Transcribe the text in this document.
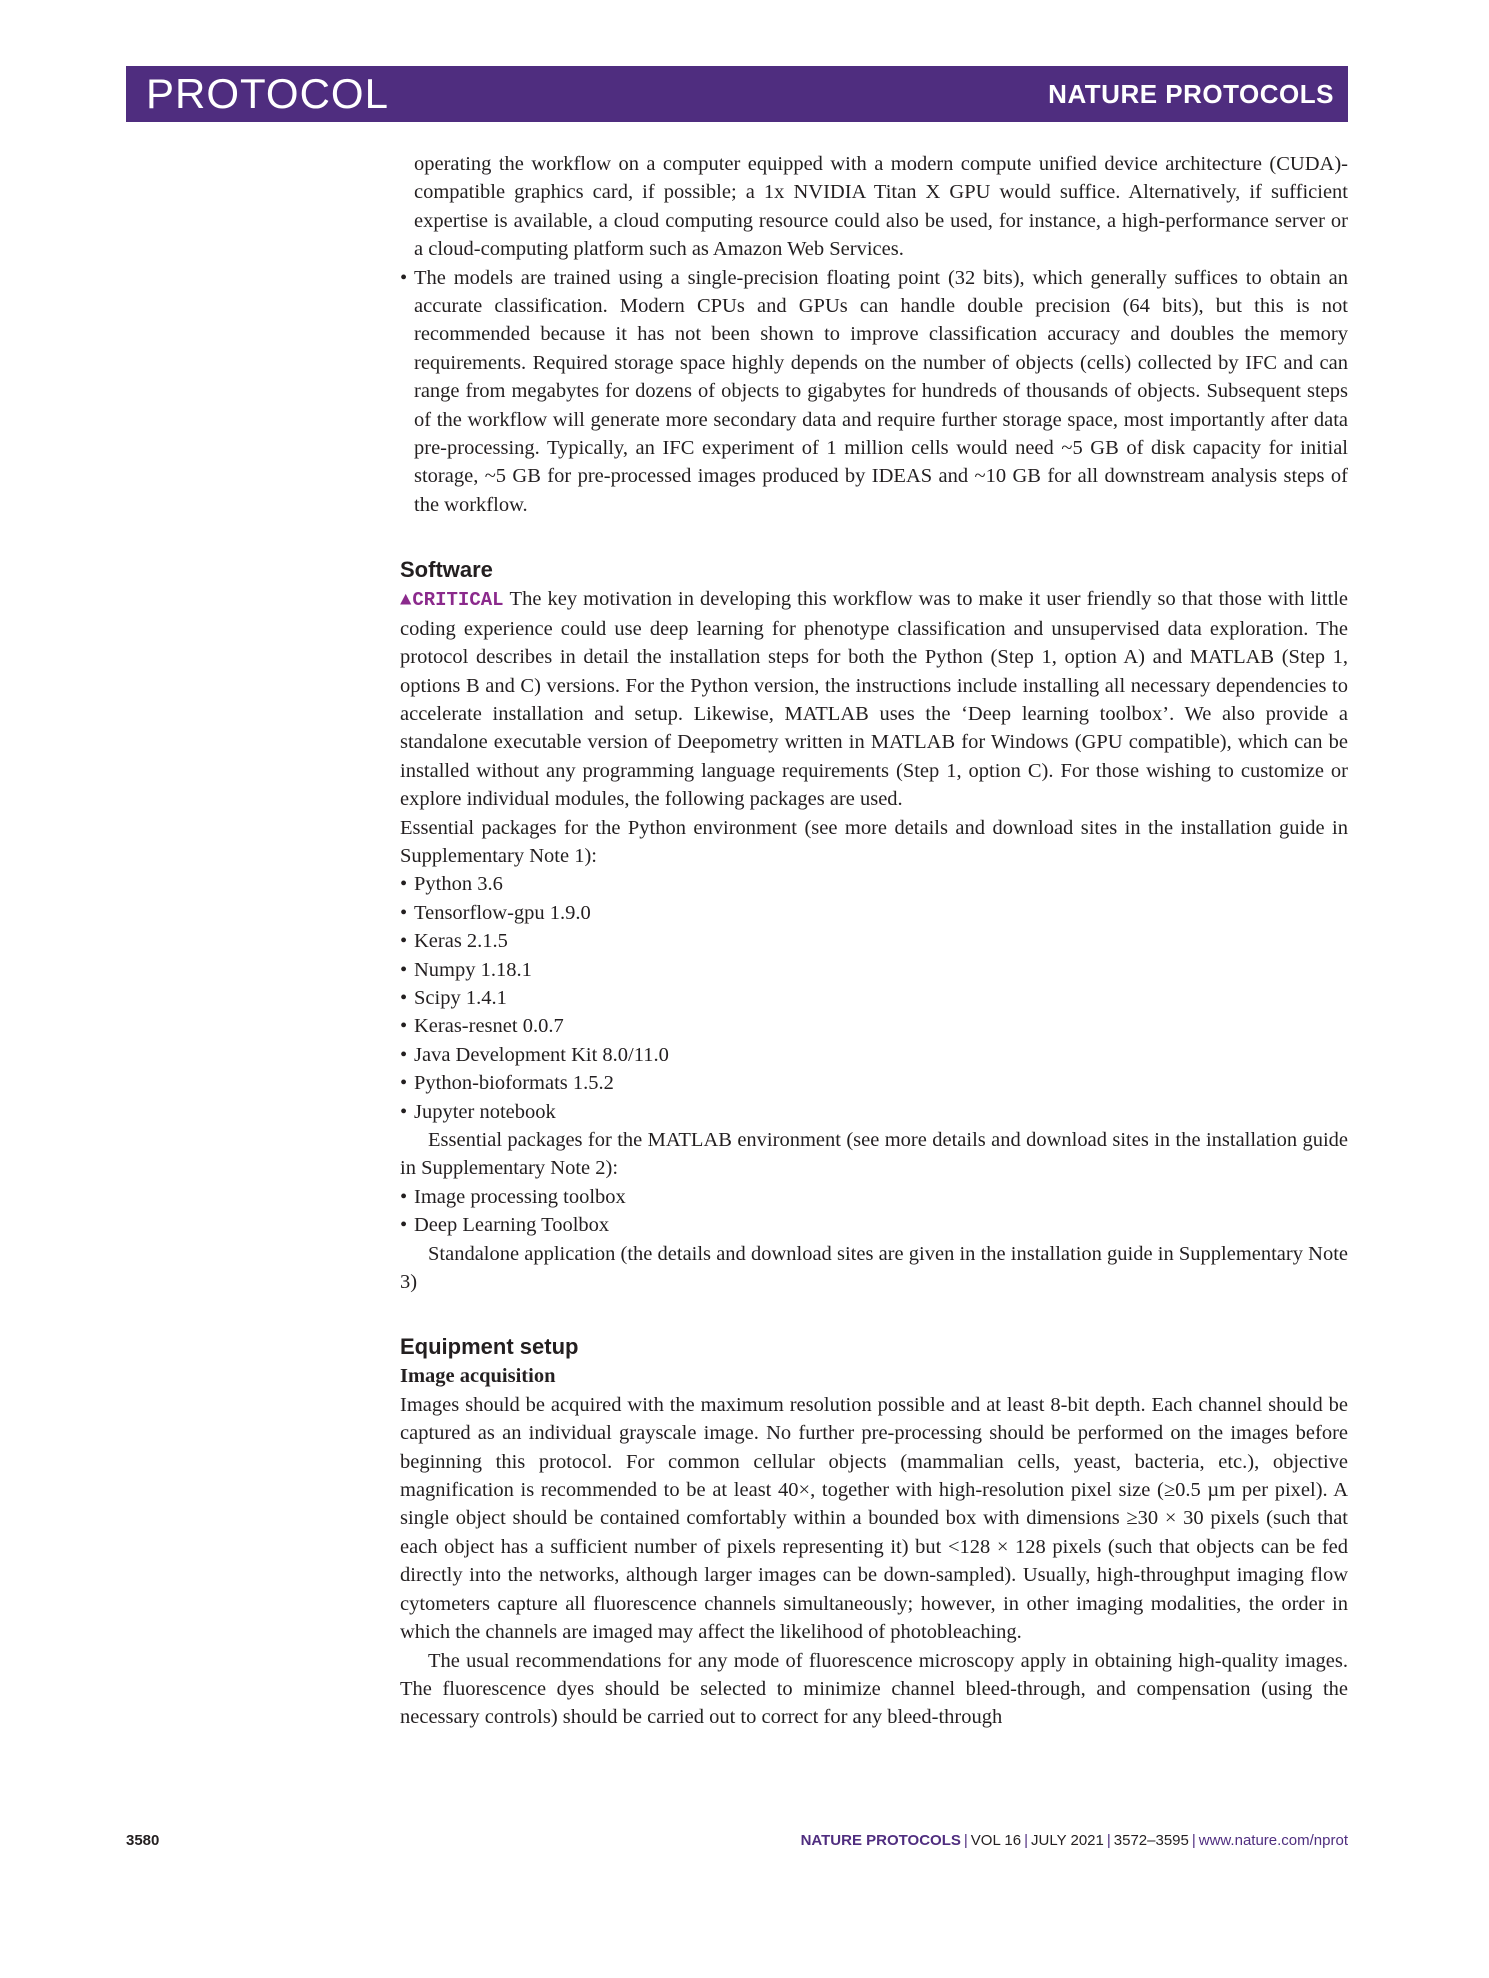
PROTOCOL	NATURE PROTOCOLS

operating the workflow on a computer equipped with a modern compute unified device architecture (CUDA)-compatible graphics card, if possible; a 1x NVIDIA Titan X GPU would suffice. Alternatively, if sufficient expertise is available, a cloud computing resource could also be used, for instance, a high-performance server or a cloud-computing platform such as Amazon Web Services.

• The models are trained using a single-precision floating point (32 bits), which generally suffices to obtain an accurate classification. Modern CPUs and GPUs can handle double precision (64 bits), but this is not recommended because it has not been shown to improve classification accuracy and doubles the memory requirements. Required storage space highly depends on the number of objects (cells) collected by IFC and can range from megabytes for dozens of objects to gigabytes for hundreds of thousands of objects. Subsequent steps of the workflow will generate more secondary data and require further storage space, most importantly after data pre-processing. Typically, an IFC experiment of 1 million cells would need ~5 GB of disk capacity for initial storage, ~5 GB for pre-processed images produced by IDEAS and ~10 GB for all downstream analysis steps of the workflow.
Software

▲CRITICAL The key motivation in developing this workflow was to make it user friendly so that those with little coding experience could use deep learning for phenotype classification and unsupervised data exploration. The protocol describes in detail the installation steps for both the Python (Step 1, option A) and MATLAB (Step 1, options B and C) versions. For the Python version, the instructions include installing all necessary dependencies to accelerate installation and setup. Likewise, MATLAB uses the ‘Deep learning toolbox’. We also provide a standalone executable version of Deepometry written in MATLAB for Windows (GPU compatible), which can be installed without any programming language requirements (Step 1, option C). For those wishing to customize or explore individual modules, the following packages are used.

Essential packages for the Python environment (see more details and download sites in the installation guide in Supplementary Note 1):

• Python 3.6
• Tensorflow-gpu 1.9.0
• Keras 2.1.5
• Numpy 1.18.1
• Scipy 1.4.1
• Keras-resnet 0.0.7
• Java Development Kit 8.0/11.0
• Python-bioformats 1.5.2
• Jupyter notebook

Essential packages for the MATLAB environment (see more details and download sites in the installation guide in Supplementary Note 2):

• Image processing toolbox
• Deep Learning Toolbox

Standalone application (the details and download sites are given in the installation guide in Supplementary Note 3)

Equipment setup

Image acquisition

Images should be acquired with the maximum resolution possible and at least 8-bit depth. Each channel should be captured as an individual grayscale image. No further pre-processing should be performed on the images before beginning this protocol. For common cellular objects (mammalian cells, yeast, bacteria, etc.), objective magnification is recommended to be at least 40×, together with high-resolution pixel size (≥0.5 µm per pixel). A single object should be contained comfortably within a bounded box with dimensions ≥30 × 30 pixels (such that each object has a sufficient number of pixels representing it) but <128 × 128 pixels (such that objects can be fed directly into the networks, although larger images can be down-sampled). Usually, high-throughput imaging flow cytometers capture all fluorescence channels simultaneously; however, in other imaging modalities, the order in which the channels are imaged may affect the likelihood of photobleaching.

The usual recommendations for any mode of fluorescence microscopy apply in obtaining high-quality images. The fluorescence dyes should be selected to minimize channel bleed-through, and compensation (using the necessary controls) should be carried out to correct for any bleed-through

3580	NATURE PROTOCOLS | VOL 16 | JULY 2021 | 3572–3595 | www.nature.com/nprot
